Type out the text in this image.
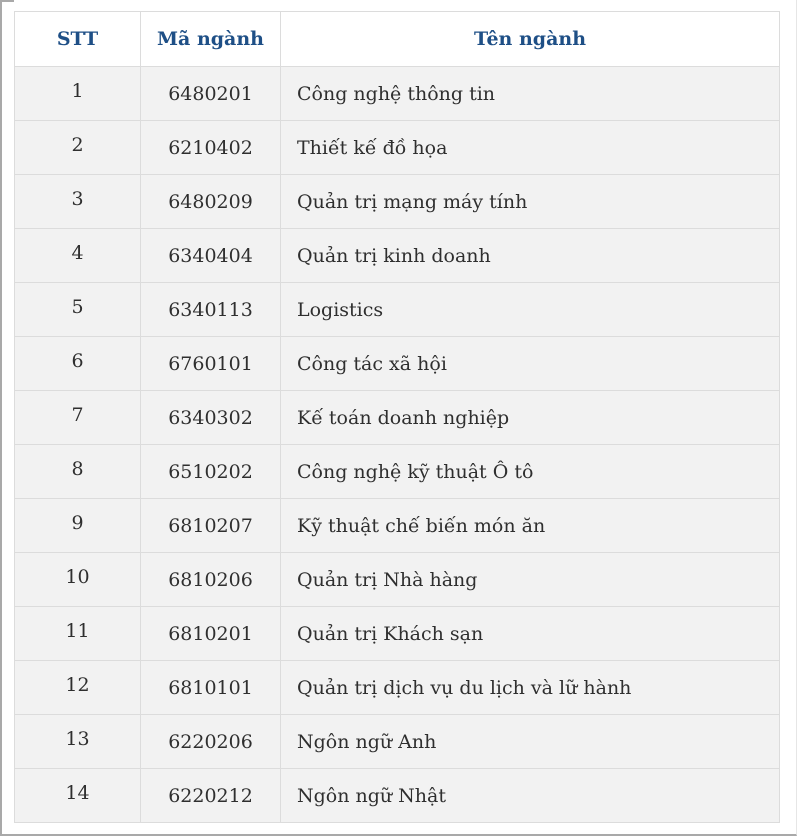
STT	Mã ngành	Tên ngành
1	6480201	Công nghệ thông tin
2	6210402	Thiết kế đồ họa
3	6480209	Quản trị mạng máy tính
4	6340404	Quản trị kinh doanh
5	6340113	Logistics
6	6760101	Công tác xã hội
7	6340302	Kế toán doanh nghiệp
8	6510202	Công nghệ kỹ thuật Ô tô
9	6810207	Kỹ thuật chế biến món ăn
10	6810206	Quản trị Nhà hàng
11	6810201	Quản trị Khách sạn
12	6810101	Quản trị dịch vụ du lịch và lữ hành
13	6220206	Ngôn ngữ Anh
14	6220212	Ngôn ngữ Nhật
